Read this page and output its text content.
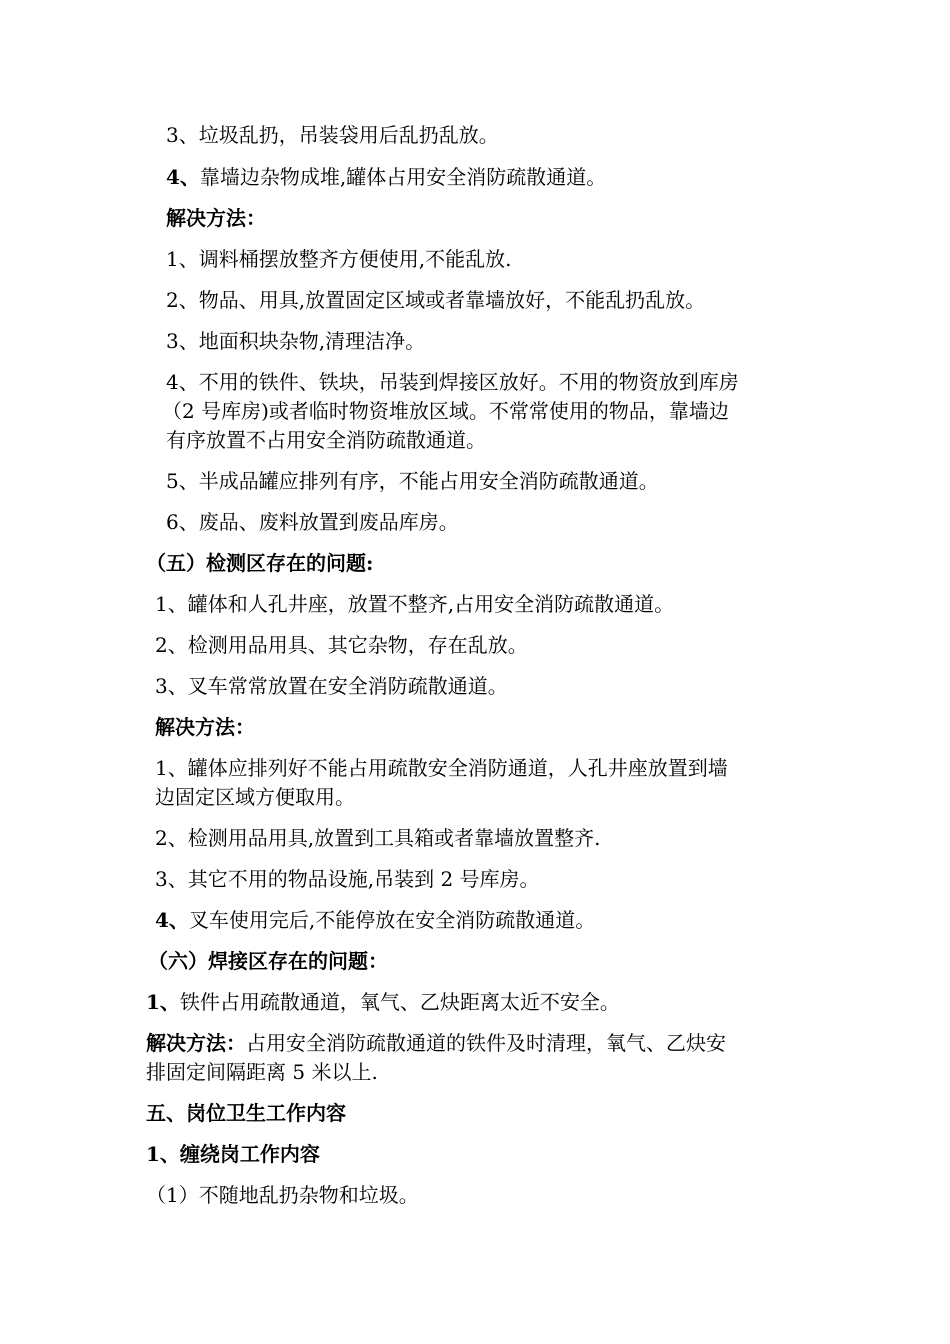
3、垃圾乱扔，吊装袋用后乱扔乱放。
4、靠墙边杂物成堆,罐体占用安全消防疏散通道。
解决方法：
1、调料桶摆放整齐方便使用,不能乱放.
2、物品、用具,放置固定区域或者靠墙放好，不能乱扔乱放。
3、地面积块杂物,清理洁净。
4、不用的铁件、铁块，吊装到焊接区放好。不用的物资放到库房
（2 号库房)或者临时物资堆放区域。不常常使用的物品，靠墙边
有序放置不占用安全消防疏散通道。
5、半成品罐应排列有序，不能占用安全消防疏散通道。
6、废品、废料放置到废品库房。
（五）检测区存在的问题:
1、罐体和人孔井座，放置不整齐,占用安全消防疏散通道。
2、检测用品用具、其它杂物，存在乱放。
3、叉车常常放置在安全消防疏散通道。
解决方法：
1、罐体应排列好不能占用疏散安全消防通道，人孔井座放置到墙
边固定区域方便取用。
2、检测用品用具,放置到工具箱或者靠墙放置整齐.
3、其它不用的物品设施,吊装到 2 号库房。
4、叉车使用完后,不能停放在安全消防疏散通道。
（六）焊接区存在的问题：
1、铁件占用疏散通道，氧气、乙炔距离太近不安全。
解决方法：占用安全消防疏散通道的铁件及时清理，氧气、乙炔安
排固定间隔距离 5 米以上.
五、岗位卫生工作内容
1、缠绕岗工作内容
（1）不随地乱扔杂物和垃圾。
